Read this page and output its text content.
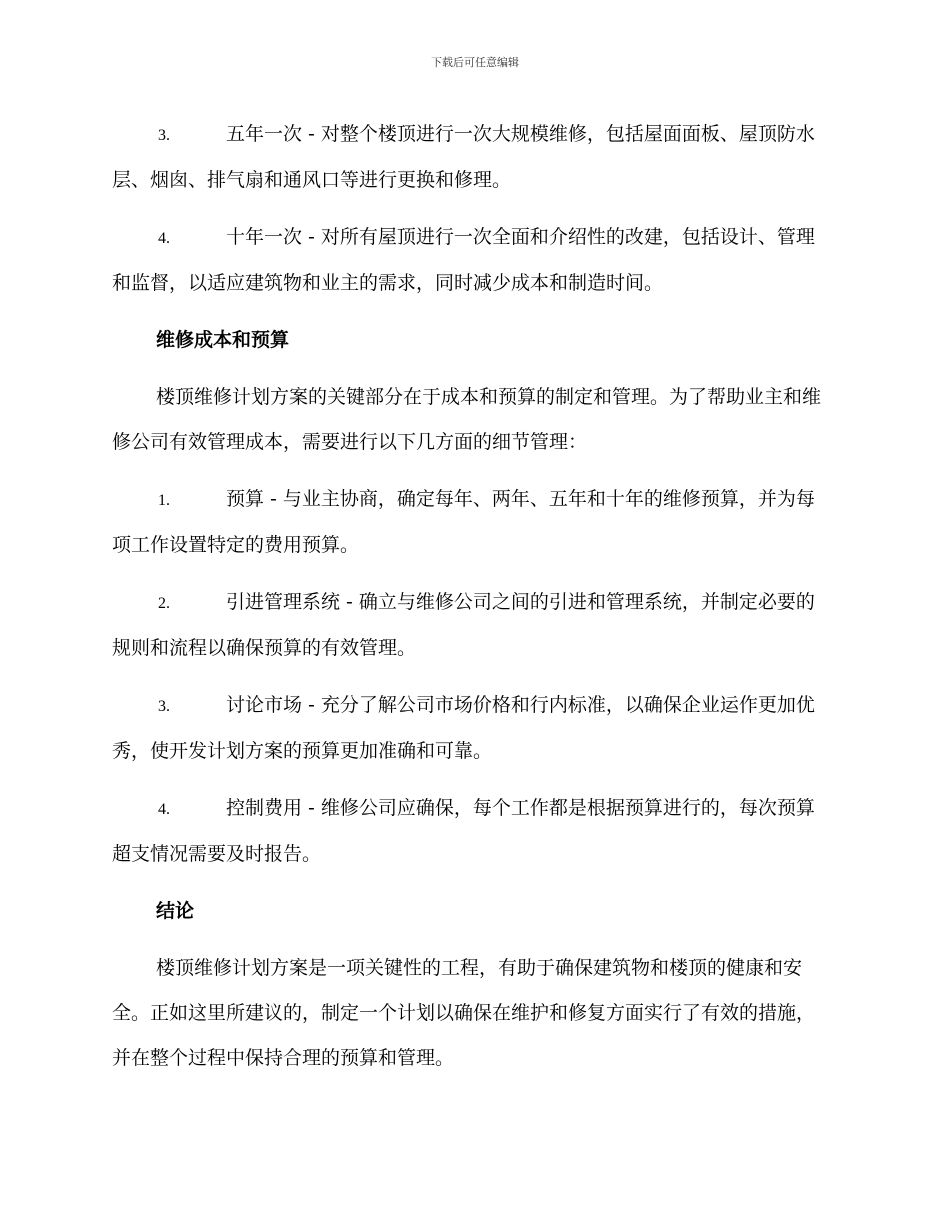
下载后可任意编辑

3.	五年一次 - 对整个楼顶进行一次大规模维修，包括屋面面板、屋顶防水层、烟囱、排气扇和通风口等进行更换和修理。

4.	十年一次 - 对所有屋顶进行一次全面和介绍性的改建，包括设计、管理和监督，以适应建筑物和业主的需求，同时减少成本和制造时间。

维修成本和预算

楼顶维修计划方案的关键部分在于成本和预算的制定和管理。为了帮助业主和维修公司有效管理成本，需要进行以下几方面的细节管理：

1.	预算 - 与业主协商，确定每年、两年、五年和十年的维修预算，并为每项工作设置特定的费用预算。

2.	引进管理系统 - 确立与维修公司之间的引进和管理系统，并制定必要的规则和流程以确保预算的有效管理。

3.	讨论市场 - 充分了解公司市场价格和行内标准，以确保企业运作更加优秀，使开发计划方案的预算更加准确和可靠。

4.	控制费用 - 维修公司应确保，每个工作都是根据预算进行的，每次预算超支情况需要及时报告。

结论

楼顶维修计划方案是一项关键性的工程，有助于确保建筑物和楼顶的健康和安全。正如这里所建议的，制定一个计划以确保在维护和修复方面实行了有效的措施，并在整个过程中保持合理的预算和管理。
